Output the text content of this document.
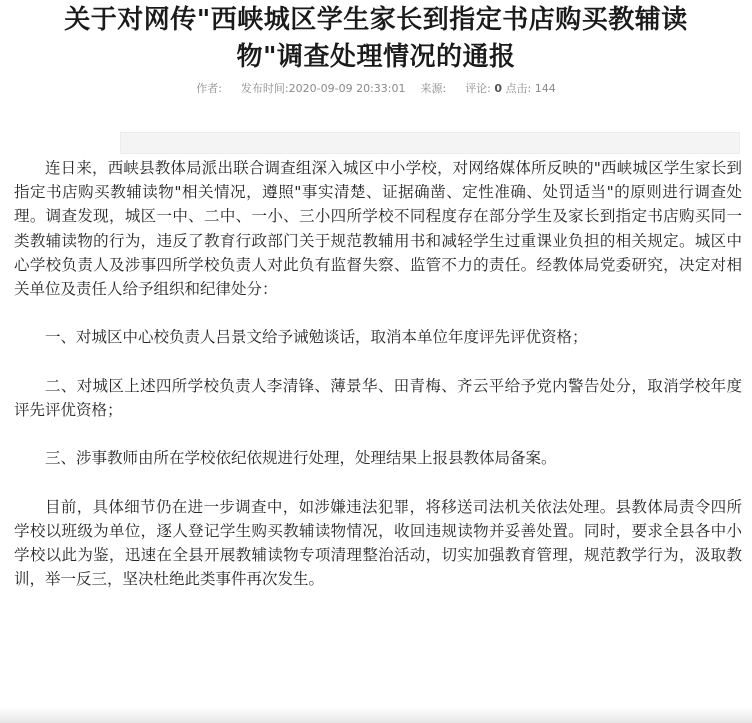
关于对网传"西峡城区学生家长到指定书店购买教辅读
物"调查处理情况的通报
作者: 发布时间:2020-09-09 20:33:01 来源: 评论: 0 点击: 144

连日来，西峡县教体局派出联合调查组深入城区中小学校，对网络媒体所反映的"西峡城区学生家长到指定书店购买教辅读物"相关情况，遵照"事实清楚、证据确凿、定性准确、处罚适当"的原则进行调查处理。调查发现，城区一中、二中、一小、三小四所学校不同程度存在部分学生及家长到指定书店购买同一类教辅读物的行为，违反了教育行政部门关于规范教辅用书和减轻学生过重课业负担的相关规定。城区中心学校负责人及涉事四所学校负责人对此负有监督失察、监管不力的责任。经教体局党委研究，决定对相关单位及责任人给予组织和纪律处分：

一、对城区中心校负责人吕景文给予诫勉谈话，取消本单位年度评先评优资格；

二、对城区上述四所学校负责人李清锋、薄景华、田青梅、齐云平给予党内警告处分，取消学校年度评先评优资格；

三、涉事教师由所在学校依纪依规进行处理，处理结果上报县教体局备案。

目前，具体细节仍在进一步调查中，如涉嫌违法犯罪，将移送司法机关依法处理。县教体局责令四所学校以班级为单位，逐人登记学生购买教辅读物情况，收回违规读物并妥善处置。同时，要求全县各中小学校以此为鉴，迅速在全县开展教辅读物专项清理整治活动，切实加强教育管理，规范教学行为，汲取教训，举一反三，坚决杜绝此类事件再次发生。
